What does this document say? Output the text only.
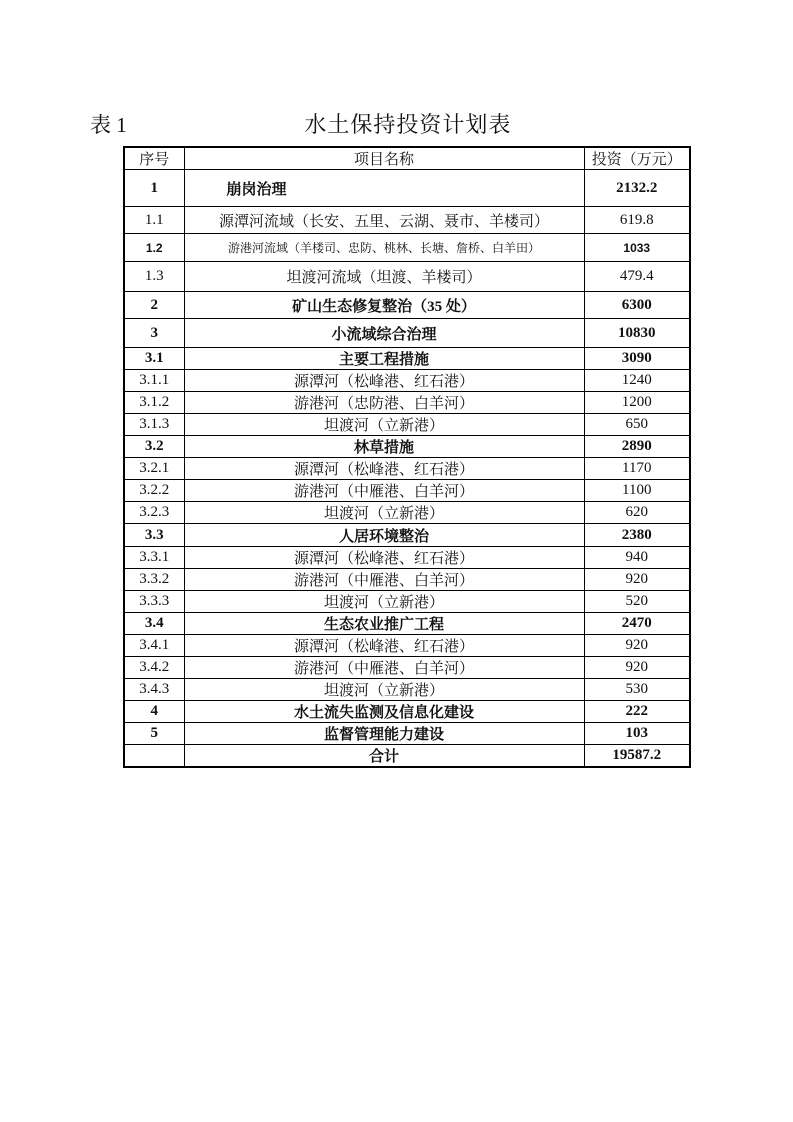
表 1	水土保持投资计划表
序号	项目名称	投资（万元）
1	崩岗治理	2132.2
1.1	源潭河流域（长安、五里、云湖、聂市、羊楼司）	619.8
1.2	游港河流域（羊楼司、忠防、桃林、长塘、詹桥、白羊田）	1033
1.3	坦渡河流域（坦渡、羊楼司）	479.4
2	矿山生态修复整治（35 处）	6300
3	小流域综合治理	10830
3.1	主要工程措施	3090
3.1.1	源潭河（松峰港、红石港）	1240
3.1.2	游港河（忠防港、白羊河）	1200
3.1.3	坦渡河（立新港）	650
3.2	林草措施	2890
3.2.1	源潭河（松峰港、红石港）	1170
3.2.2	游港河（中雁港、白羊河）	1100
3.2.3	坦渡河（立新港）	620
3.3	人居环境整治	2380
3.3.1	源潭河（松峰港、红石港）	940
3.3.2	游港河（中雁港、白羊河）	920
3.3.3	坦渡河（立新港）	520
3.4	生态农业推广工程	2470
3.4.1	源潭河（松峰港、红石港）	920
3.4.2	游港河（中雁港、白羊河）	920
3.4.3	坦渡河（立新港）	530
4	水土流失监测及信息化建设	222
5	监督管理能力建设	103
	合计	19587.2
